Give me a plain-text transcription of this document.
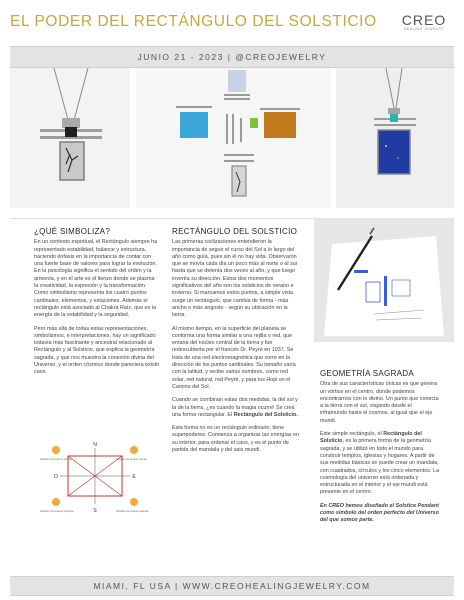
EL PODER DEL RECTÁNGULO DEL SOLSTICIO CREO
HEALING JEWELRY
JUNIO 21 - 2023 | @CREOJEWELRY
¿QUÉ SIMBOLIZA?

En un contexto espiritual, el Rectángulo siempre ha representado estabilidad, balance y estructura, haciendo énfasis en la importancia de contar con una fuerte base de valores para lograr la evolución. En la psicología significa el sentido del orden y la armonía, y en el arte es el lienzo donde se plasma la creatividad, la expresión y la transformación. Como simbolismo representa los cuatro puntos cardinales, elementos, y estaciones. Además el rectángulo está asociado al Chakra Raíz, que es la energía de la estabilidad y la seguridad.

Pero más allá de todas estas representaciones, simbolismos, e interpretaciones, hay un significado todavía más fascinante y ancestral relacionado al Rectángulo y al Solsticio, que explica la geometría sagrada, y que nos muestra la conexión divina del Universo, y el orden cósmico donde pareciera existir caos.

N
S
E
O
Solsticio de invierno oriente	Solsticio de verano oriente
Solsticio de verano poniente
Solsticio de invierno poniente
RECTÁNGULO DEL SOLSTICIO

Las primeras civilizaciones entendieron la importancia de seguir el curso del Sol a lo largo del año como guía, pues sin él no hay vida. Observaron que se movía cada día un poco más al norte o al sur hasta que se detenía dos veces al año, y que luego invertía su dirección. Estos dos momentos significativos del año son los solsticios de verano e invierno. Si marcamos estos puntos, a simple vista surge un rectángulo, que cambia de forma - más ancho o más angosto - según su ubicación en la tierra.

Al mismo tiempo, en la superficie del planeta se conforma una forma similar a una rejilla o red, que emana del núcleo central de la tierra y fue redescubierta por el francés Dr. Peyré en 1937. Se trata de una red electromagnética que corre en la dirección de los puntos cardinales. Su tamaño varía con la latitud, y recibe varios nombres, como red solar, red natural, red Peyré, y para los Hopi es el Camino del Sol.

Cuando se combinan estas dos medidas, la del sol y la de la tierra, ¿es cuando la magia ocurre! Se crea una forma rectangular. El Rectángulo del Solsticio.

Esta forma no es un rectángulo ordinario, tiene superpoderes. Comienza a organizar las energías en su interior, para ordenar el caos, y es el punto de partida del mandala y del axis mundi.

GEOMETRÍA SAGRADA

Otra de sus características únicas es que genera un vórtice en el centro, donde podemos encontrarnos con lo divino. Un punto que conecta a la tierra con el sol, viajando desde el inframundo hasta el cosmos, al igual que el eje mundi.

Este simple rectángulo, el Rectángulo del Solsticio, es la primera forma de la geometría sagrada, y se utilizó en todo el mundo para construir templos, iglesias y hogares. A partir de sus medidas básicas se puede crear un mandala, con cuadrados, círculos y los cinco elementos. La cosmología del universo está ordenada y estructurada en el interior y el eje mundi está presente en el centro.

En CREO hemos diseñado el Solstice Pendant como símbolo del orden perfecto del Universo del que somos parte.

MIAMI, FL USA | WWW.CREOHEALINGJEWELRY.COM
